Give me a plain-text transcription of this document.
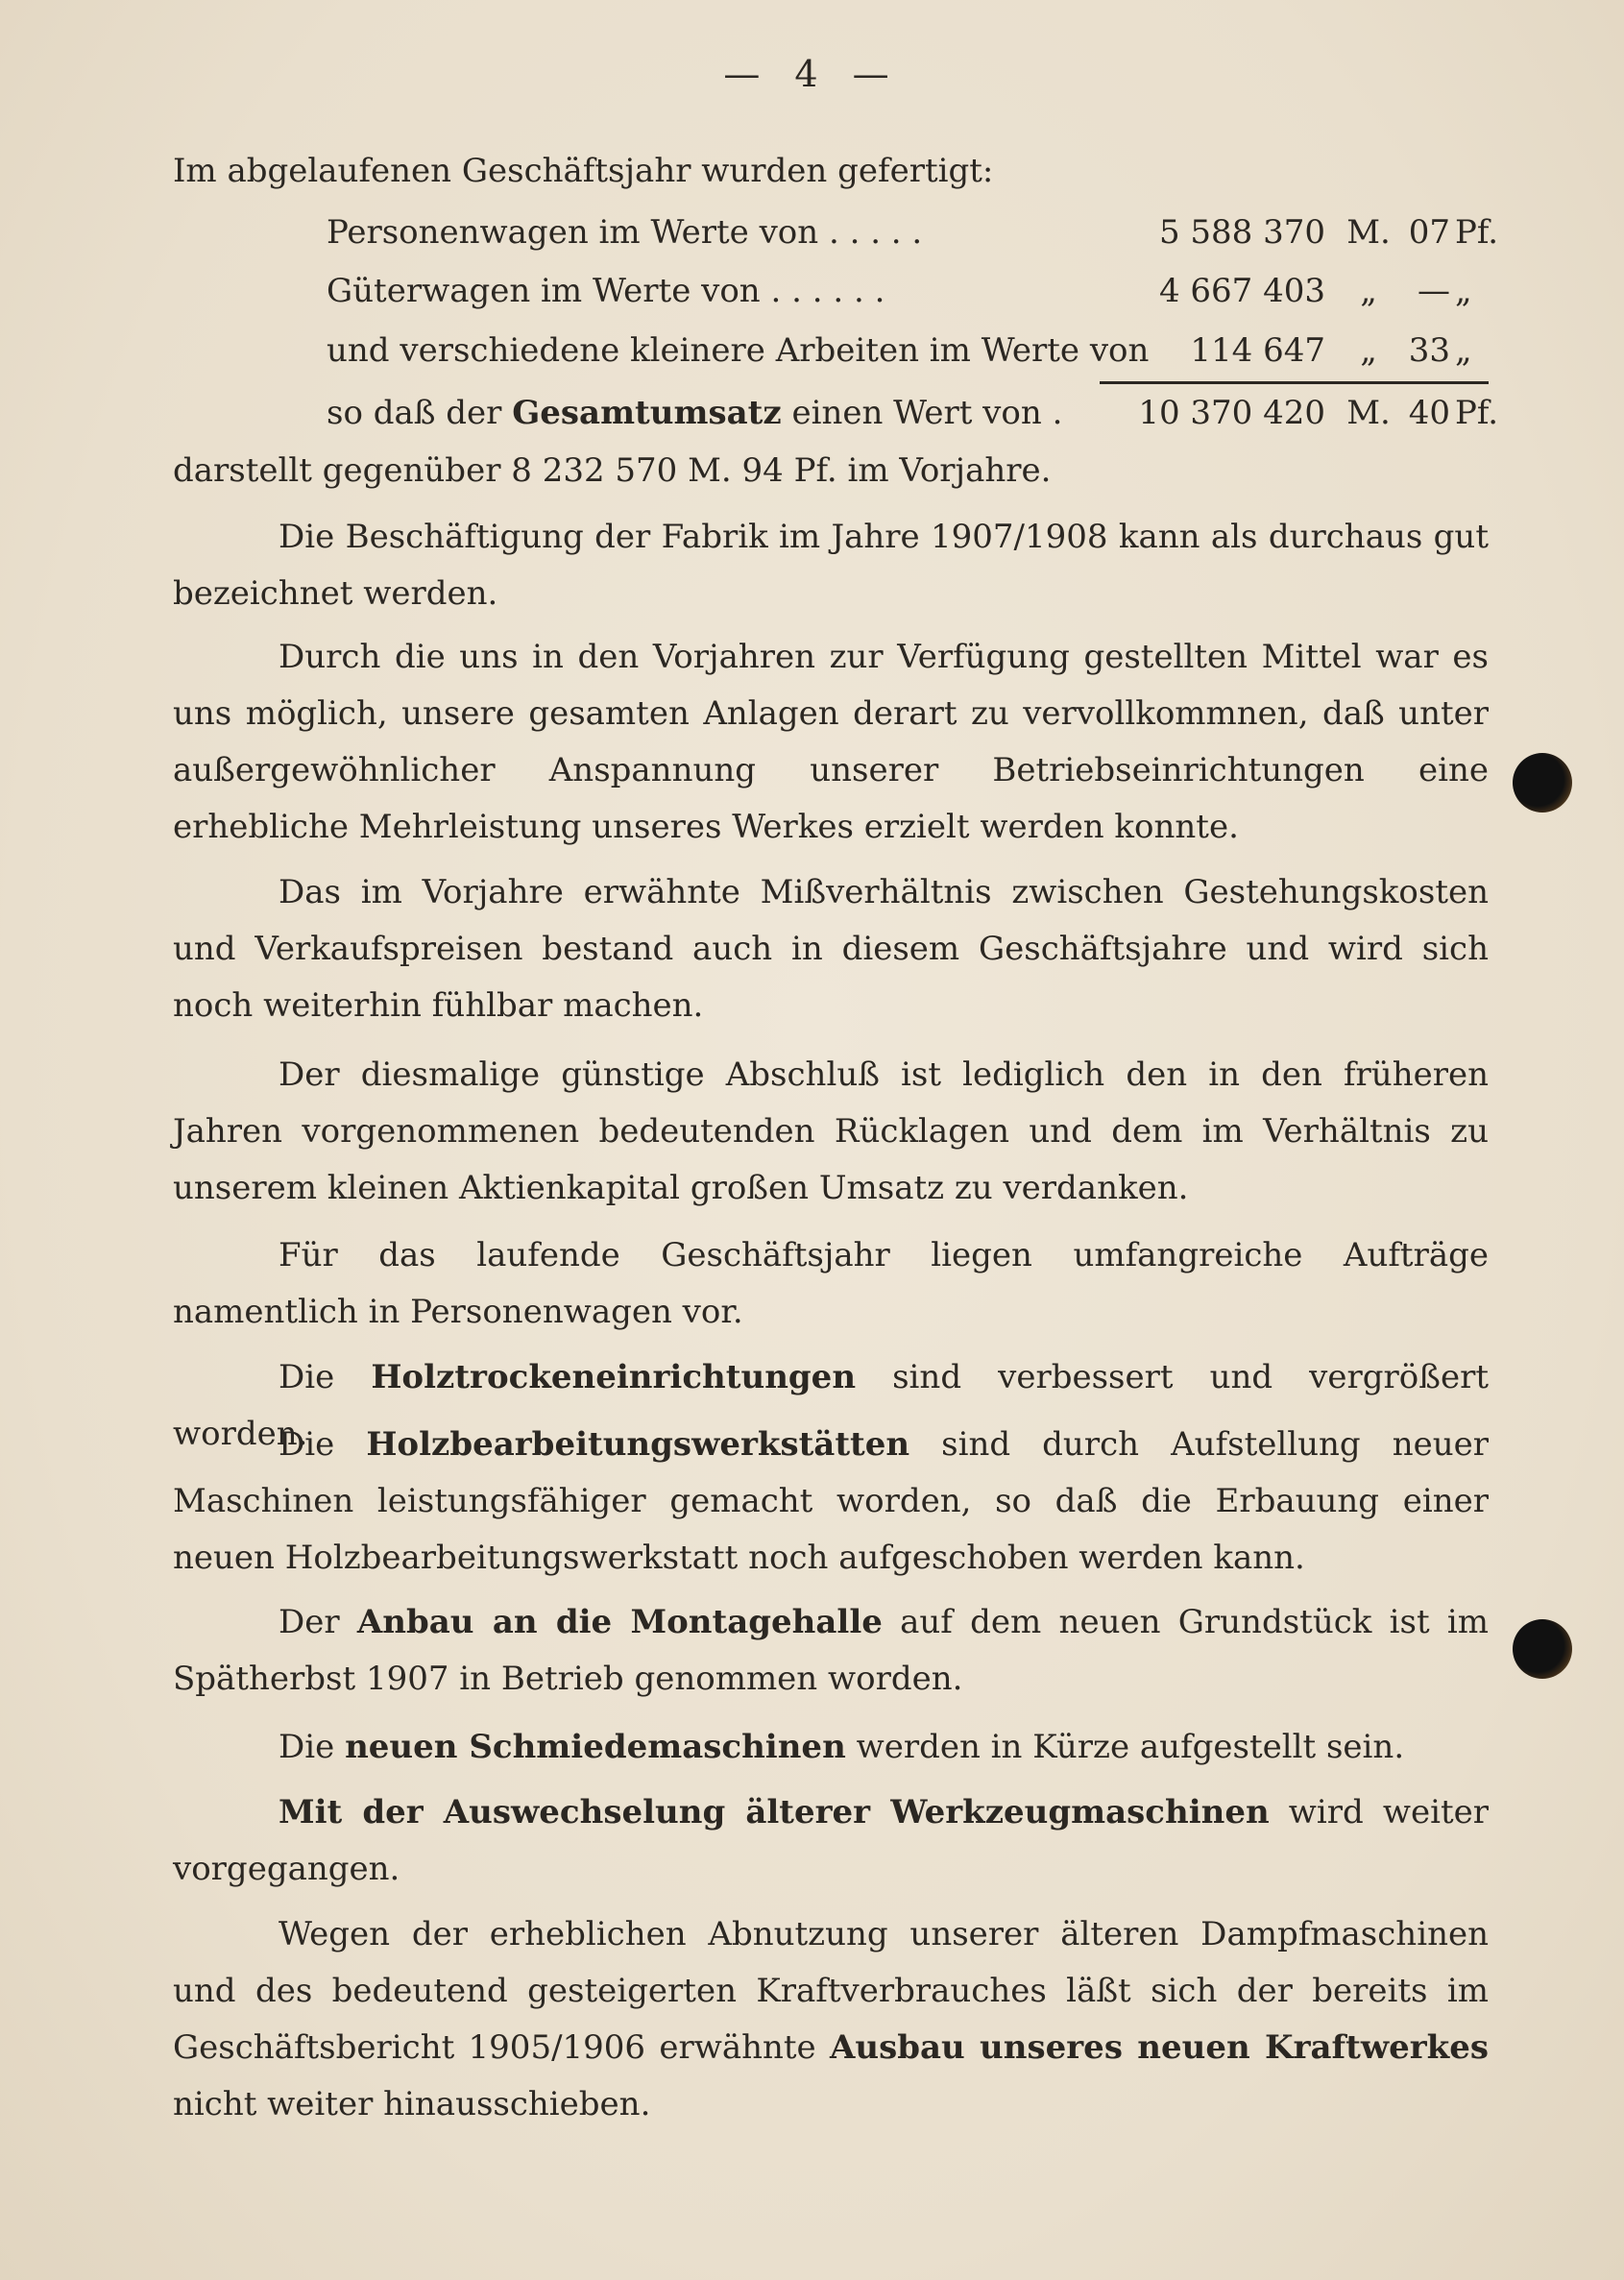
— 4 —
Im abgelaufenen Geschäftsjahr wurden gefertigt:
Personenwagen im Werte von . . . . .	5 588 370 M. 07 Pf.
Güterwagen im Werte von . . . . . .	4 667 403	„	— „
und verschiedene kleinere Arbeiten im Werte von	114 647	„ 33 „
so daß der Gesamtumsatz einen Wert von .	10 370 420 M. 40 Pf.
darstellt gegenüber 8 232 570 M. 94 Pf. im Vorjahre.
Die Beschäftigung der Fabrik im Jahre 1907/1908 kann als durchaus gut bezeichnet werden.
Durch die uns in den Vorjahren zur Verfügung gestellten Mittel war es uns möglich, unsere gesamten Anlagen derart zu vervollkommnen, daß unter außergewöhnlicher Anspannung unserer Betriebseinrichtungen eine erhebliche Mehrleistung unseres Werkes erzielt werden konnte.
Das im Vorjahre erwähnte Mißverhältnis zwischen Gestehungskosten und Verkaufspreisen bestand auch in diesem Geschäftsjahre und wird sich noch weiterhin fühlbar machen.
Der diesmalige günstige Abschluß ist lediglich den in den früheren Jahren vorgenommenen bedeutenden Rücklagen und dem im Verhältnis zu unserem kleinen Aktienkapital großen Umsatz zu verdanken.
Für das laufende Geschäftsjahr liegen umfangreiche Aufträge namentlich in Personenwagen vor.
Die Holztrockeneinrichtungen sind verbessert und vergrößert worden.
Die Holzbearbeitungswerkstätten sind durch Aufstellung neuer Maschinen leistungsfähiger gemacht worden, so daß die Erbauung einer neuen Holzbearbeitungswerkstatt noch aufgeschoben werden kann.
Der Anbau an die Montagehalle auf dem neuen Grundstück ist im Spätherbst 1907 in Betrieb genommen worden.
Die neuen Schmiedemaschinen werden in Kürze aufgestellt sein.
Mit der Auswechselung älterer Werkzeugmaschinen wird weiter vorgegangen.
Wegen der erheblichen Abnutzung unserer älteren Dampfmaschinen und des bedeutend gesteigerten Kraftverbrauches läßt sich der bereits im Geschäftsbericht 1905/1906 erwähnte Ausbau unseres neuen Kraftwerkes nicht weiter hinausschieben.
